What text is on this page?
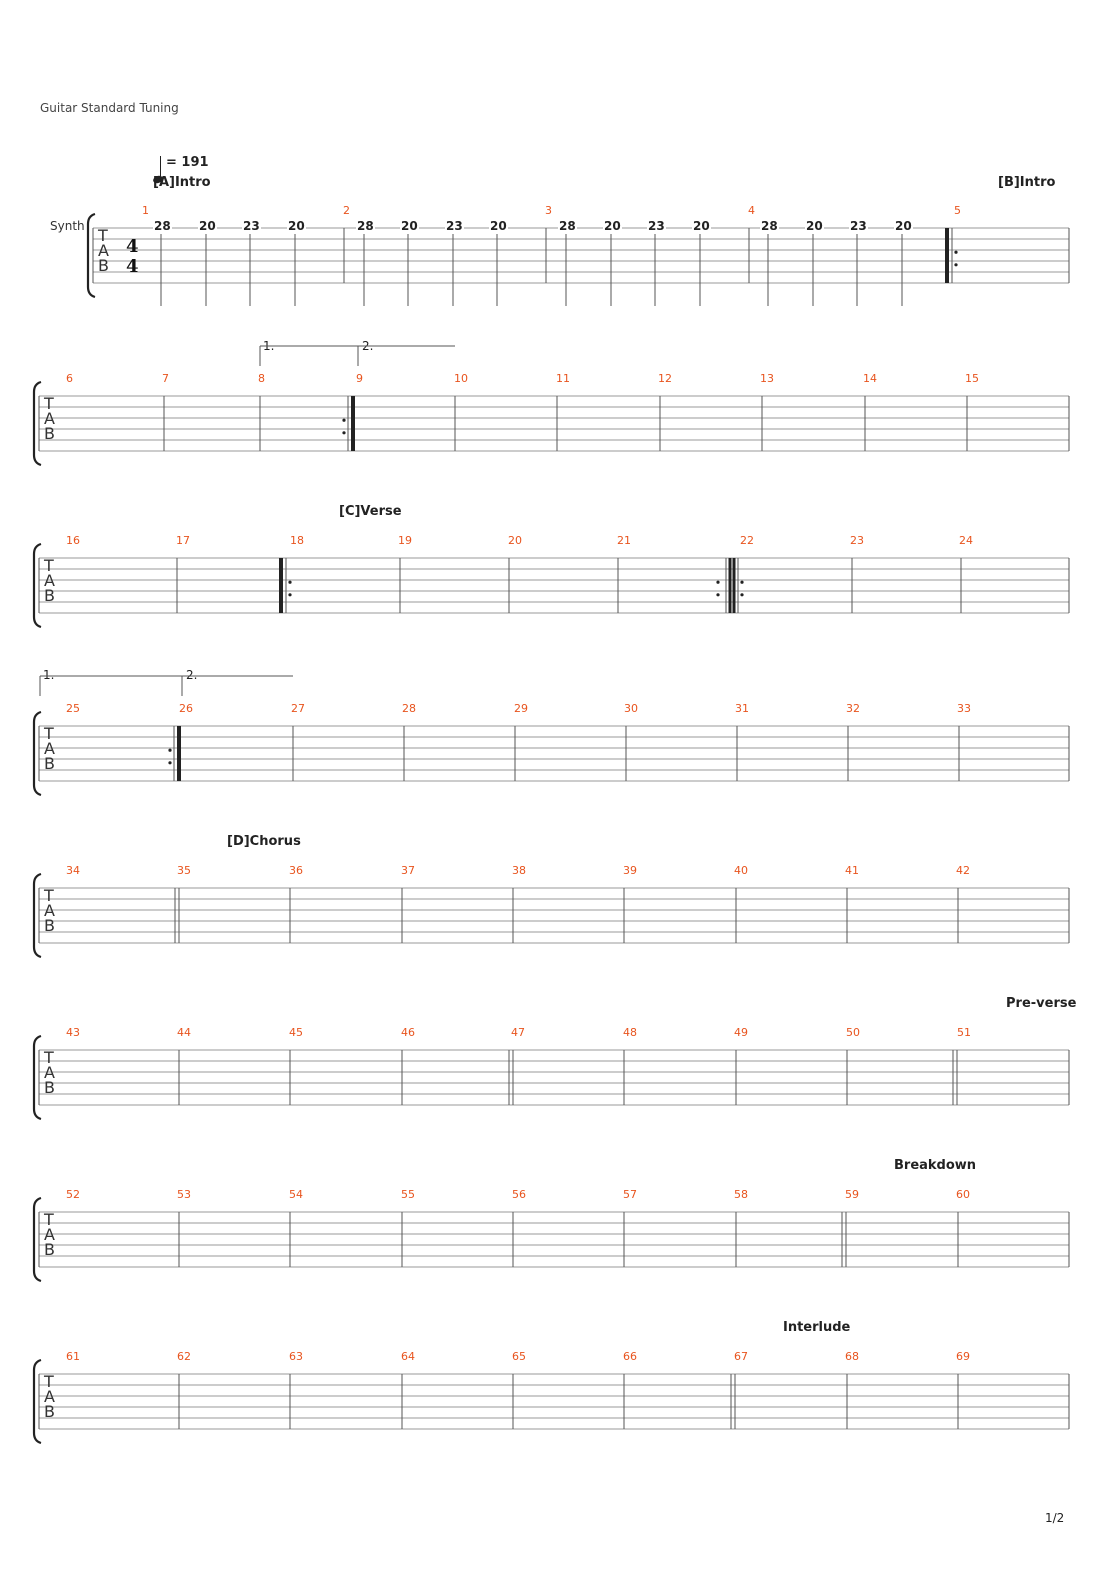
Guitar Standard Tuning
= 191
Synth
[A]Intro	[B]Intro
[C]Verse
[D]Chorus
Pre-verse
Breakdown
Interlude
1.	2.
1.	2.
1/2
T
A
B
4
4
T
A
B
T
A
B
T
A
B
T
A
B
T
A
B
T
A
B
T
A
B
1	2	3	4	5
6	7	8	9	10	11	12	13	14	15
16	17	18	19	20	21	22	23	24
25	26	27	28	29	30	31	32	33
34	35	36	37	38	39	40	41	42
43	44	45	46	47	48	49	50	51
52	53	54	55	56	57	58	59	60
61	62	63	64	65	66	67	68	69
28 20 23 20	28 20 23 20	28 20 23 20	28 20 23 20
